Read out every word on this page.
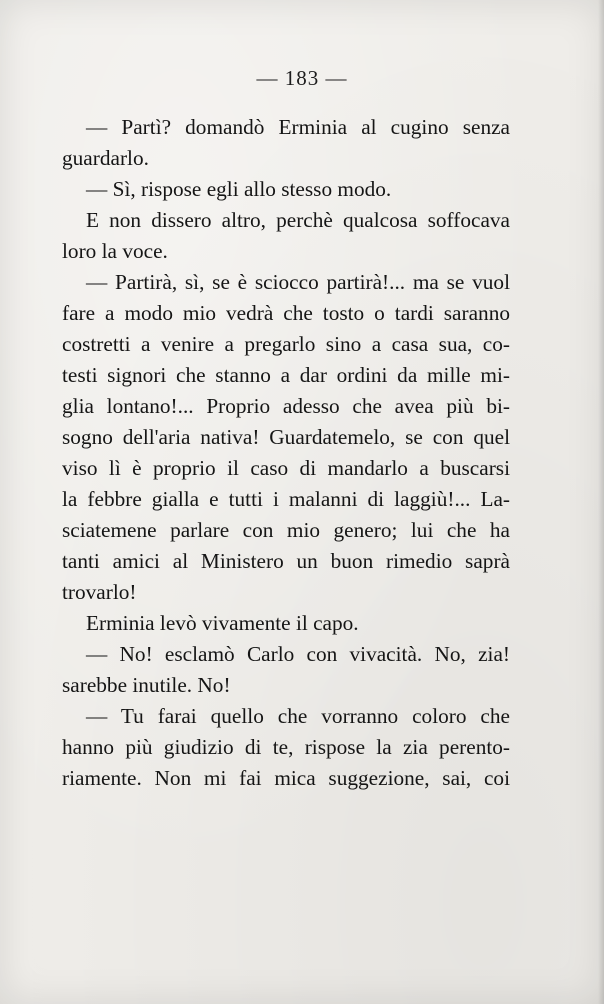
— 183 —
— Partì? domandò Erminia al cugino senza
guardarlo.
— Sì, rispose egli allo stesso modo.
E non dissero altro, perchè qualcosa soffocava
loro la voce.
— Partirà, sì, se è sciocco partirà!... ma se vuol
fare a modo mio vedrà che tosto o tardi saranno
costretti a venire a pregarlo sino a casa sua, co-
testi signori che stanno a dar ordini da mille mi-
glia lontano!... Proprio adesso che avea più bi-
sogno dell'aria nativa! Guardatemelo, se con quel
viso lì è proprio il caso di mandarlo a buscarsi
la febbre gialla e tutti i malanni di laggiù!... La-
sciatemene parlare con mio genero; lui che ha
tanti amici al Ministero un buon rimedio saprà
trovarlo!
Erminia levò vivamente il capo.
— No! esclamò Carlo con vivacità. No, zia!
sarebbe inutile. No!
— Tu farai quello che vorranno coloro che
hanno più giudizio di te, rispose la zia perento-
riamente. Non mi fai mica suggezione, sai, coi
